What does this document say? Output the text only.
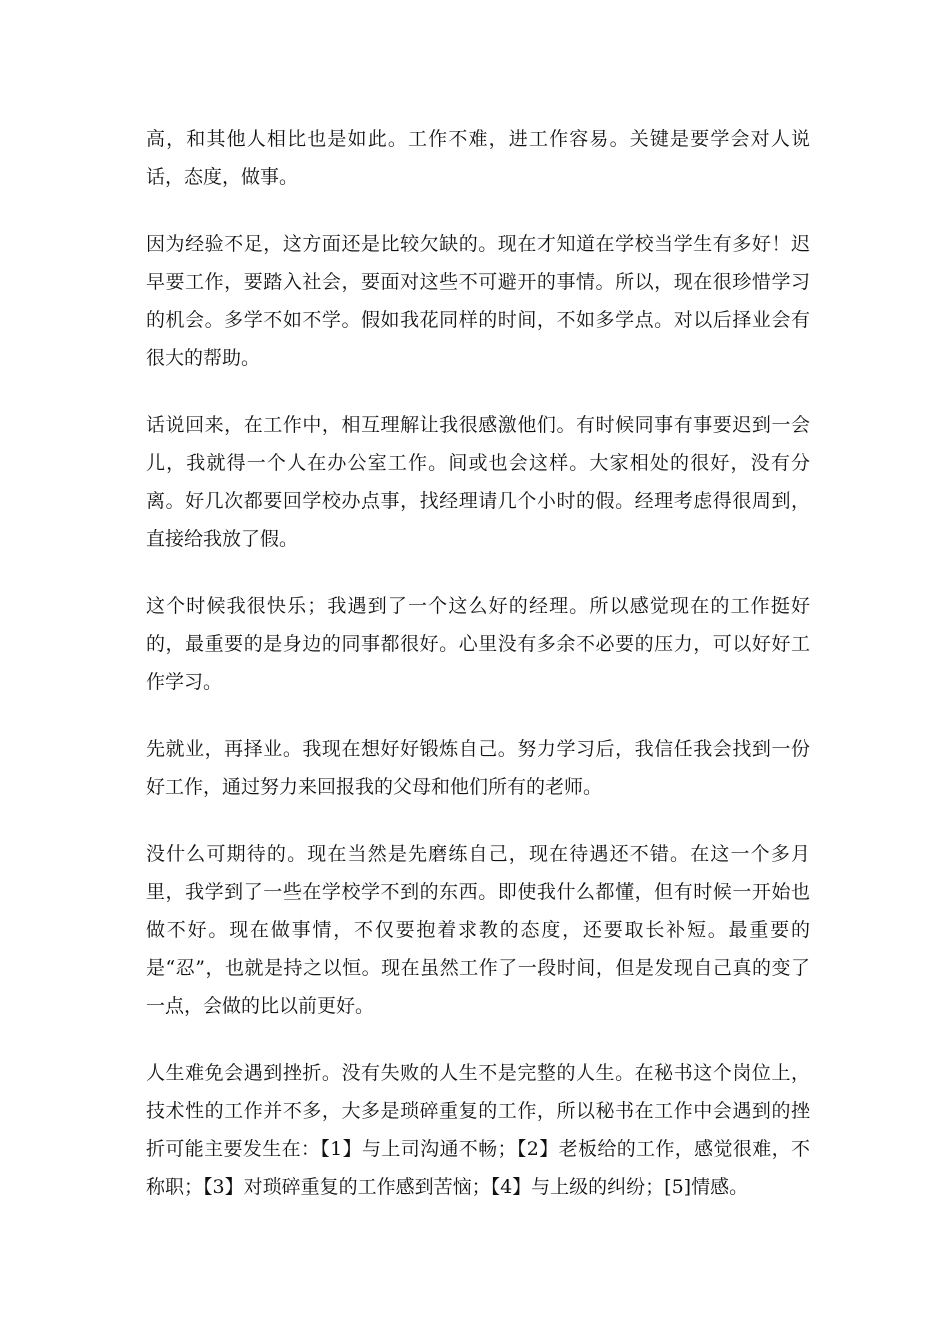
高，和其他人相比也是如此。工作不难，进工作容易。关键是要学会对人说话，态度，做事。

因为经验不足，这方面还是比较欠缺的。现在才知道在学校当学生有多好！迟早要工作，要踏入社会，要面对这些不可避开的事情。所以，现在很珍惜学习的机会。多学不如不学。假如我花同样的时间，不如多学点。对以后择业会有很大的帮助。

话说回来，在工作中，相互理解让我很感激他们。有时候同事有事要迟到一会儿，我就得一个人在办公室工作。间或也会这样。大家相处的很好，没有分离。好几次都要回学校办点事，找经理请几个小时的假。经理考虑得很周到，直接给我放了假。

这个时候我很快乐；我遇到了一个这么好的经理。所以感觉现在的工作挺好的，最重要的是身边的同事都很好。心里没有多余不必要的压力，可以好好工作学习。

先就业，再择业。我现在想好好锻炼自己。努力学习后，我信任我会找到一份好工作，通过努力来回报我的父母和他们所有的老师。

没什么可期待的。现在当然是先磨练自己，现在待遇还不错。在这一个多月里，我学到了一些在学校学不到的东西。即使我什么都懂，但有时候一开始也做不好。现在做事情，不仅要抱着求教的态度，还要取长补短。最重要的是“忍”，也就是持之以恒。现在虽然工作了一段时间，但是发现自己真的变了一点，会做的比以前更好。

人生难免会遇到挫折。没有失败的人生不是完整的人生。在秘书这个岗位上，技术性的工作并不多，大多是琐碎重复的工作，所以秘书在工作中会遇到的挫折可能主要发生在：【1】与上司沟通不畅；【2】老板给的工作，感觉很难，不称职；【3】对琐碎重复的工作感到苦恼；【4】与上级的纠纷；[5]情感。
